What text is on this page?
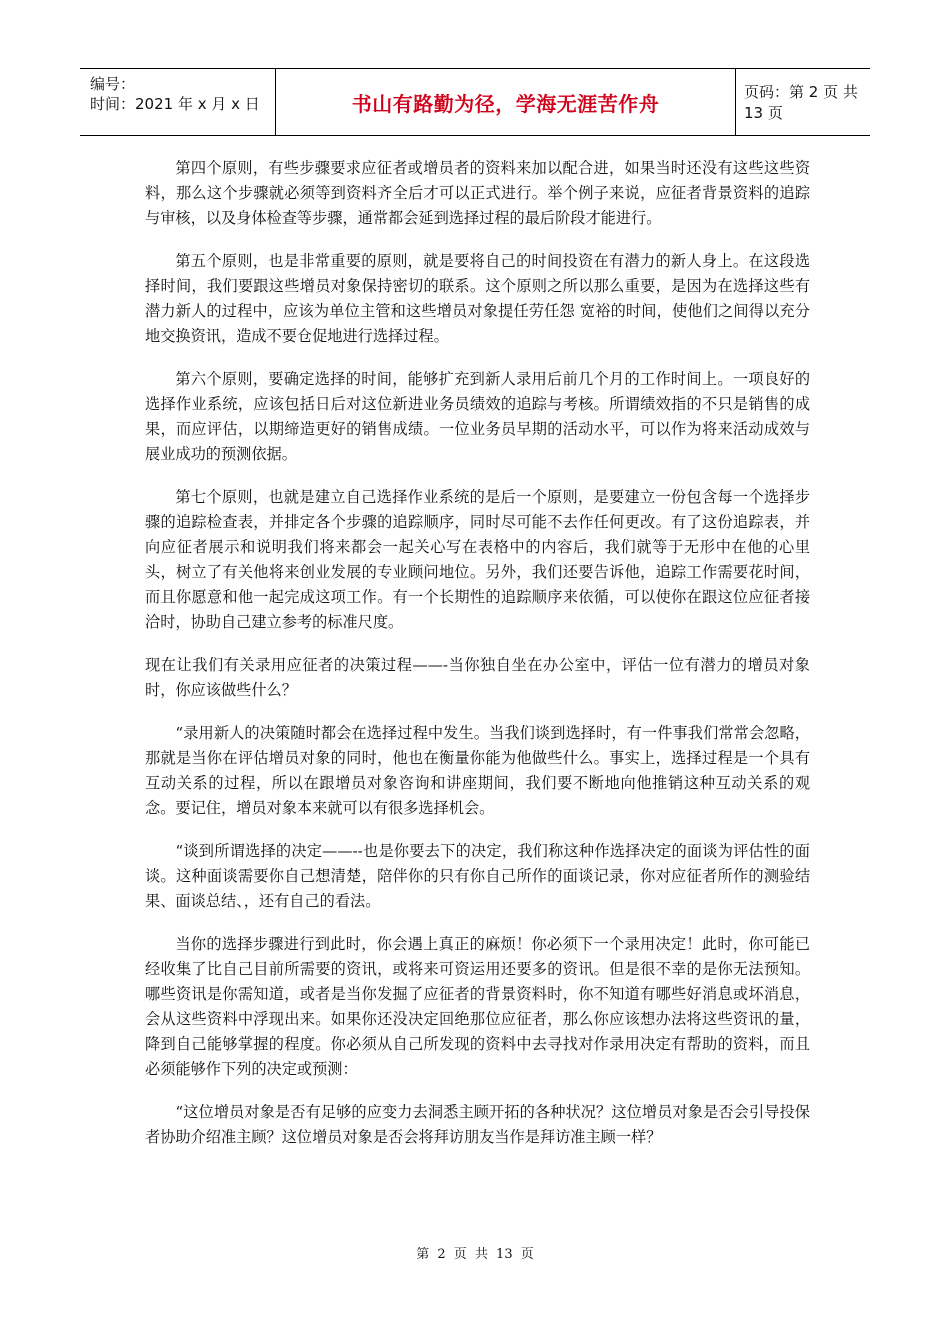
编号：
时间：2021 年 x 月 x 日	书山有路勤为径，学海无涯苦作舟	页码：第 2 页 共 13 页

第四个原则，有些步骤要求应征者或增员者的资料来加以配合进，如果当时还没有这些这些资料，那么这个步骤就必须等到资料齐全后才可以正式进行。举个例子来说，应征者背景资料的追踪与审核，以及身体检查等步骤，通常都会延到选择过程的最后阶段才能进行。

第五个原则，也是非常重要的原则，就是要将自己的时间投资在有潜力的新人身上。在这段选择时间，我们要跟这些增员对象保持密切的联系。这个原则之所以那么重要，是因为在选择这些有潜力新人的过程中，应该为单位主管和这些增员对象提任劳任怨 宽裕的时间，使他们之间得以充分地交换资讯，造成不要仓促地进行选择过程。

第六个原则，要确定选择的时间，能够扩充到新人录用后前几个月的工作时间上。一项良好的选择作业系统，应该包括日后对这位新进业务员绩效的追踪与考核。所谓绩效指的不只是销售的成果，而应评估，以期缔造更好的销售成绩。一位业务员早期的活动水平，可以作为将来活动成效与展业成功的预测依据。

第七个原则，也就是建立自己选择作业系统的是后一个原则，是要建立一份包含每一个选择步骤的追踪检查表，并排定各个步骤的追踪顺序，同时尽可能不去作任何更改。有了这份追踪表，并向应征者展示和说明我们将来都会一起关心写在表格中的内容后，我们就等于无形中在他的心里头，树立了有关他将来创业发展的专业顾问地位。另外，我们还要告诉他，追踪工作需要花时间，而且你愿意和他一起完成这项工作。有一个长期性的追踪顺序来依循，可以使你在跟这位应征者接洽时，协助自己建立参考的标准尺度。

现在让我们有关录用应征者的决策过程——-当你独自坐在办公室中，评估一位有潜力的增员对象时，你应该做些什么？

“录用新人的决策随时都会在选择过程中发生。当我们谈到选择时，有一件事我们常常会忽略，那就是当你在评估增员对象的同时，他也在衡量你能为他做些什么。事实上，选择过程是一个具有互动关系的过程，所以在跟增员对象咨询和讲座期间，我们要不断地向他推销这种互动关系的观念。要记住，增员对象本来就可以有很多选择机会。

“谈到所谓选择的决定——--也是你要去下的决定，我们称这种作选择决定的面谈为评估性的面谈。这种面谈需要你自己想清楚，陪伴你的只有你自己所作的面谈记录，你对应征者所作的测验结果、面谈总结、，还有自己的看法。

当你的选择步骤进行到此时，你会遇上真正的麻烦！你必须下一个录用决定！此时，你可能已经收集了比自己目前所需要的资讯，或将来可资运用还要多的资讯。但是很不幸的是你无法预知。哪些资讯是你需知道，或者是当你发掘了应征者的背景资料时，你不知道有哪些好消息或坏消息，会从这些资料中浮现出来。如果你还没决定回绝那位应征者，那么你应该想办法将这些资讯的量，降到自己能够掌握的程度。你必须从自己所发现的资料中去寻找对作录用决定有帮助的资料，而且必须能够作下列的决定或预测：

“这位增员对象是否有足够的应变力去洞悉主顾开拓的各种状况？这位增员对象是否会引导投保者协助介绍准主顾？这位增员对象是否会将拜访朋友当作是拜访准主顾一样？

第 2 页 共 13 页
